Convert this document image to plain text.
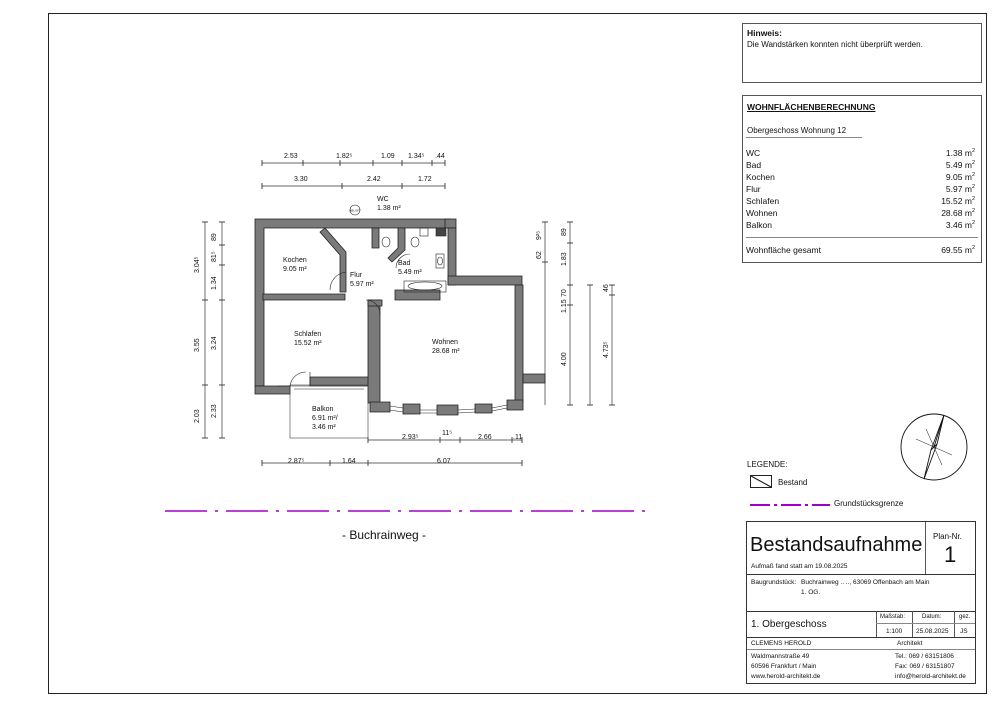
Hinweis:
Die Wandstärken konnten nicht überprüft werden.
WOHNFLÄCHENBERECHNUNG
Obergeschoss Wohnung 12
WC	1.38 $m^2$
Bad	5.49 $m^2$
Kochen	9.05 $m^2$
Flur	5.97 $m^2$
Schlafen	15.52 $m^2$
Wohnen	28.68 $m^2$
Balkon	3.46 $m^2$
Wohnfläche gesamt	69.55 $m^2$
ABLUFT
Kochen
9.05 m²
Flur
5.97 m²
WC
1.38 m²
Bad
5.49 m²
Schlafen
15.52 m²	Wohnen
28.68 m²
Balkon
6.91 m²/
3.46 m²
2.53	1.82⁵	1.09 1.34⁵ .44
3.30	2.42	1.72
2.93⁵
11⁵
2.66	.11
2.87⁵	1.64	6.07
3.04⁵
3.55
2.03
89
81⁵
1.34
3.24
2.33
62
9²⁵	89
1.83
70
1.15
4.00
4.73⁵
46
- Buchrainweg -
LEGENDE:
Bestand
Grundstücksgrenze
Bestandsaufnahme
Aufmaß fand statt am 19.08.2025
Plan-Nr.
1
Baugrundstück: Buchrainweg .. .., 63069 Offenbach am Main
1. OG.
1. Obergeschoss
Maßstab:
1:100
Datum:
25.08.2025
gez.
JS
CLEMENS HEROLD	Architekt
Waldmannstraße 49
60596 Frankfurt / Main
www.herold-architekt.de
Tel.: 069 / 63151806
Fax: 069 / 63151807
info@herold-architekt.de
